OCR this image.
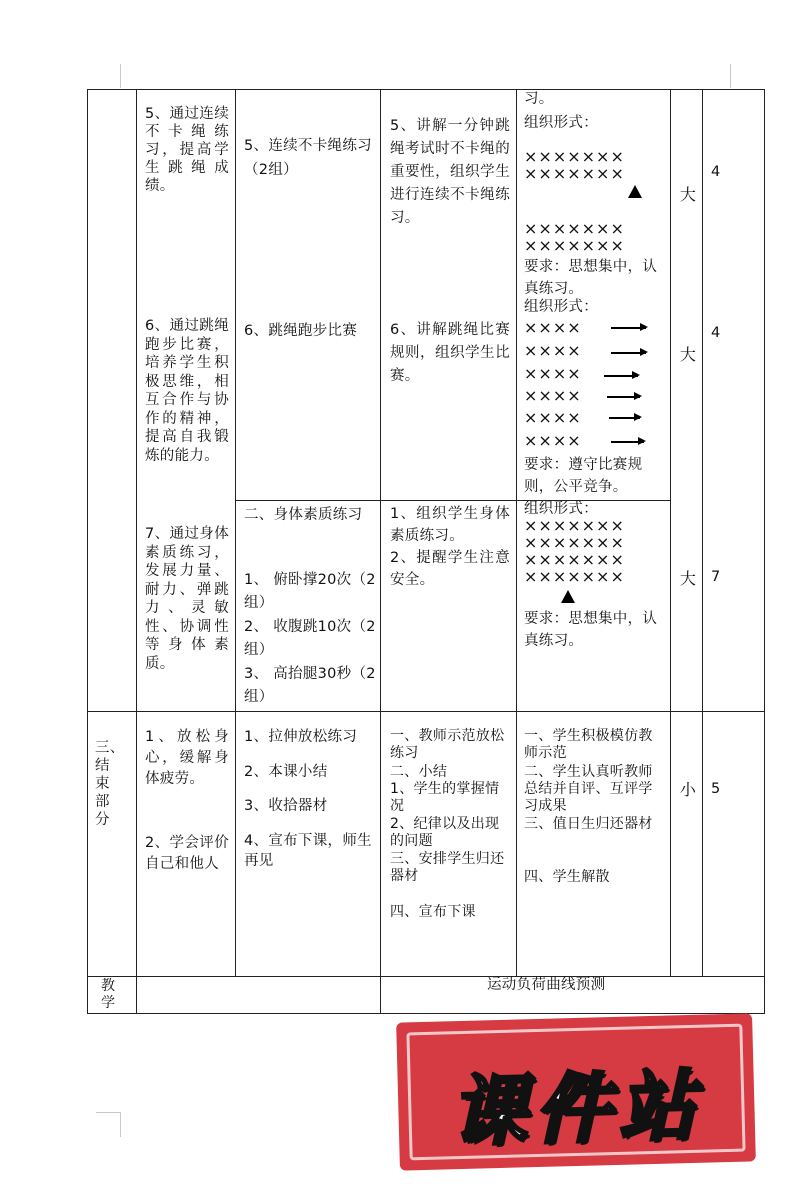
5、通过连续不卡绳练习，提高学生跳绳成绩。
5、连续不卡绳练习（2组）
5、讲解一分钟跳绳考试时不卡绳的重要性，组织学生进行连续不卡绳练习。
习。
组织形式：
×××××××
×××××××
×××××××
×××××××
要求：思想集中，认真练习。
大
4
6、通过跳绳跑步比赛，培养学生积极思维，相互合作与协作的精神，提高自我锻炼的能力。
6、跳绳跑步比赛	6、讲解跳绳比赛规则，组织学生比赛。
组织形式：
××××
××××
××××
××××
××××
××××
要求：遵守比赛规则，公平竞争。
大
4
7、通过身体素质练习，发展力量、耐力、弹跳力、灵敏性、协调性等身体素质。
二、身体素质练习
1、 俯卧撑20次（2组）
2、 收腹跳10次（2组）
3、 高抬腿30秒（2组）
1、组织学生身体素质练习。
2、提醒学生注意安全。
组织形式：
×××××××
×××××××
×××××××
×××××××
要求：思想集中，认真练习。
大 7
三、结束部分
1、放松身心，缓解身体疲劳。
2、学会评价自己和他人
1、拉伸放松练习
2、本课小结
3、收拾器材
4、宣布下课，师生再见
一、教师示范放松练习
二、小结
1、学生的掌握情况
2、纪律以及出现的问题
三、安排学生归还器材
四、宣布下课
一、学生积极模仿教师示范
二、学生认真听教师总结并自评、互评学习成果
三、值日生归还器材
四、学生解散
小 5
教学
运动负荷曲线预测
课件站
